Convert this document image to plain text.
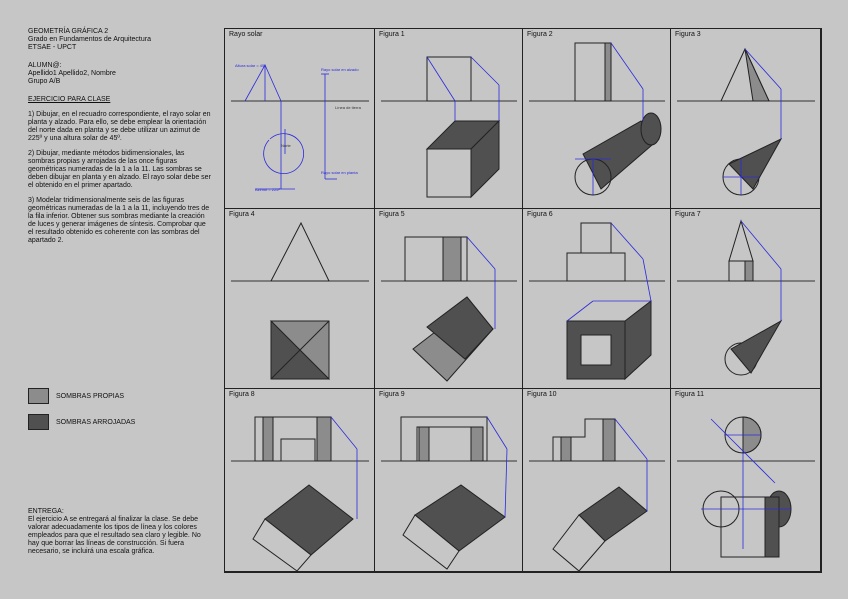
GEOMETRÍA GRÁFICA 2
Grado en Fundamentos de Arquitectura
ETSAE - UPCT
ALUMN@:
Apellido1 Apellido2, Nombre
Grupo A/B

EJERCICIO PARA CLASE

1) Dibujar, en el recuadro correspondiente, el rayo solar en planta y alzado. Para ello, se debe emplear la orientación del norte dada en planta y se debe utilizar un azimut de 225º y una altura solar de 45º.

2) Dibujar, mediante métodos bidimensionales, las sombras propias y arrojadas de las once figuras geométricas numeradas de la 1 a la 11. Las sombras se deben dibujar en planta y en alzado. El rayo solar debe ser el obtenido en el primer apartado.

3) Modelar tridimensionalmente seis de las figuras geométricas numeradas de la 1 a la 11, incluyendo tres de la fila inferior. Obtener sus sombras mediante la creación de luces y generar imágenes de síntesis. Comprobar que el resultado obtenido es coherente con las sombras del apartado 2.

SOMBRAS PROPIAS
SOMBRAS ARROJADAS
ENTREGA:
El ejercicio A se entregará al finalizar la clase. Se debe valorar adecuadamente los tipos de línea y los colores empleados para que el resultado sea claro y legible. No hay que borrar las líneas de construcción. Si fuera necesario, se incluirá una escala gráfica.
Rayo solar
Altura solar = 45º
Rayo solar en alzado
Línea de tierra
Azimut = 225º
Rayo solar en planta
Norte
Figura 1	Figura 2	Figura 3
Figura 4	Figura 5	Figura 6	Figura 7
Figura 8	Figura 9	Figura 10	Figura 11
